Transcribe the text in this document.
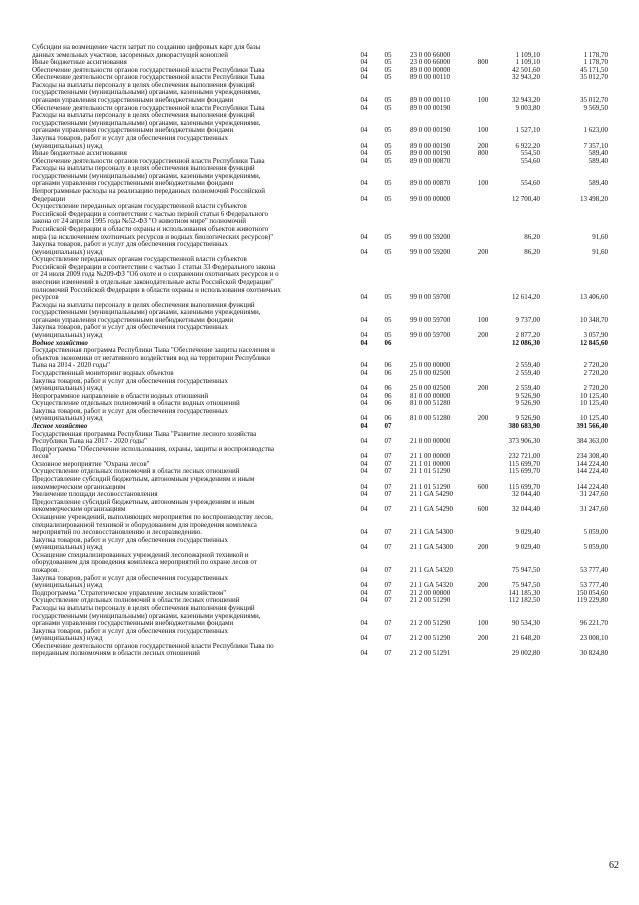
Субсидии на возмещение части затрат по созданию цифровых карт для базы
данных земельных участков, засоренных дикорастущей коноплей	04	05	23 0 00 66000	1 109,10	1 178,70
Иные бюджетные ассигнования	04	05	23 0 00 66000	800	1 109,10	1 178,70
Обеспечение деятельности органов государственной власти Республики Тыва	04	05	89 0 00 00000	42 501,60	45 171,50
Обеспечение деятельности органов государственной власти Республики Тыва	04	05	89 0 00 00110	32 943,20	35 012,70
Расходы на выплаты персоналу в целях обеспечения выполнения функций
государственными (муниципальными) органами, казенными учреждениями,
органами управления государственными внебюджетными фондами	04	05	89 0 00 00110	100	32 943,20	35 012,70
Обеспечение деятельности органов государственной власти Республики Тыва	04	05	89 0 00 00190	9 003,80	9 569,50
Расходы на выплаты персоналу в целях обеспечения выполнения функций
государственными (муниципальными) органами, казенными учреждениями,
органами управления государственными внебюджетными фондами	04	05	89 0 00 00190	100	1 527,10	1 623,00
Закупка товаров, работ и услуг для обеспечения государственных
(муниципальных) нужд	04	05	89 0 00 00190	200	6 922,20	7 357,10
Иные бюджетные ассигнования	04	05	89 0 00 00190	800	554,50	589,40
Обеспечение деятельности органов государственной власти Республики Тыва	04	05	89 0 00 00870	554,60	589,40
Расходы на выплаты персоналу в целях обеспечения выполнения функций
государственными (муниципальными) органами, казенными учреждениями,
органами управления государственными внебюджетными фондами	04	05	89 0 00 00870	100	554,60	589,40
Непрограммные расходы на реализацию переданных полномочий Российской
Федерации	04	05	99 0 00 00000	12 700,40	13 498,20
Осуществление переданных органам государственной власти субъектов
Российской Федерации в соответствии с частью первой статьи 6 Федерального
закона от 24 апреля 1995 года №52-ФЗ "О животном мире" полномочий
Российской Федерации в области охраны и использования объектов животного
мира (за исключением охотничьих ресурсов и водных биологических ресурсов)"	04	05	99 0 00 59200	86,20	91,60
Закупка товаров, работ и услуг для обеспечения государственных
(муниципальных) нужд	04	05	99 0 00 59200	200	86,20	91,60
Осуществление переданных органам государственной власти субъектов
Российской Федерации в соответствии с частью 1 статьи 33 Федерального закона
от 24 июля 2009 года №209-ФЗ "Об охоте и о сохранении охотничьих ресурсов и о
внесении изменений в отдельные законодательные акты Российской Федерации"
полномочий Российской Федерации в области охраны и использования охотничьих
ресурсов	04	05	99 0 00 59700	12 614,20	13 406,60
Расходы на выплаты персоналу в целях обеспечения выполнения функций
государственными (муниципальными) органами, казенными учреждениями,
органами управления государственными внебюджетными фондами	04	05	99 0 00 59700	100	9 737,00	10 348,70
Закупка товаров, работ и услуг для обеспечения государственных
(муниципальных) нужд	04	05	99 0 00 59700	200	2 877,20	3 057,90
Водное хозяйство	04	06	12 086,30	12 845,60
Государственная программа Республики Тыва "Обеспечение защиты населения и
объектов экономики от негативного воздействия вод на территории Республики
Тыва на 2014 - 2020 годы"	04	06	25 0 00 00000	2 559,40	2 720,20
Государственный мониторинг водных объектов	04	06	25 0 00 02500	2 559,40	2 720,20
Закупка товаров, работ и услуг для обеспечения государственных
(муниципальных) нужд	04	06	25 0 00 02500	200	2 559,40	2 720,20
Непрограммное направление в области водных отношений	04	06	81 0 00 00000	9 526,90	10 125,40
Осуществление отдельных полномочий в области водных отношений	04	06	81 0 00 51280	9 526,90	10 125,40
Закупка товаров, работ и услуг для обеспечения государственных
(муниципальных) нужд	04	06	81 0 00 51280	200	9 526,90	10 125,40
Лесное хозяйство	04	07	380 683,90	391 566,40
Государственная программа Республики Тыва "Развитие лесного хозяйства
Республики Тыва на 2017 - 2020 годы"	04	07	21 0 00 00000	373 906,30	384 363,00
Подпрограмма "Обеспечение использования, охраны, защиты и воспроизводства
лесов"	04	07	21 1 00 00000	232 721,00	234 308,40
Основное мероприятие "Охрана лесов"	04	07	21 1 01 00000	115 699,70	144 224,40
Осуществление отдельных полномочий в области лесных отношений	04	07	21 1 01 51290	115 699,70	144 224,40
Предоставление субсидий бюджетным, автономным учреждениям и иным
некоммерческим организациям	04	07	21 1 01 51290	600	115 699,70	144 224,40
Увеличение площади лесовосстановления	04	07	21 1 GA 54290	32 044,40	31 247,60
Предоставление субсидий бюджетным, автономным учреждениям и иным
некоммерческим организациям	04	07	21 1 GA 54290	600	32 044,40	31 247,60
Оснащение учреждений, выполняющих мероприятия по воспроизводству лесов,
специализированной техникой и оборудованием для проведения комплекса
мероприятий по лесовосстановлению и лесоразведению.	04	07	21 1 GA 54300	9 029,40	5 059,00
Закупка товаров, работ и услуг для обеспечения государственных
(муниципальных) нужд	04	07	21 1 GA 54300	200	9 029,40	5 059,00
Оснащение специализированных учреждений лесопожарной техникой и
оборудованием для проведения комплекса мероприятий по охране лесов от
пожаров.	04	07	21 1 GA 54320	75 947,50	53 777,40
Закупка товаров, работ и услуг для обеспечения государственных
(муниципальных) нужд	04	07	21 1 GA 54320	200	75 947,50	53 777,40
Подпрограмма "Стратегическое управление лесным хозяйством"	04	07	21 2 00 00000	141 185,30	150 054,60
Осуществление отдельных полномочий в области лесных отношений	04	07	21 2 00 51290	112 182,50	119 229,80
Расходы на выплаты персоналу в целях обеспечения выполнения функций
государственными (муниципальными) органами, казенными учреждениями,
органами управления государственными внебюджетными фондами	04	07	21 2 00 51290	100	90 534,30	96 221,70
Закупка товаров, работ и услуг для обеспечения государственных
(муниципальных) нужд	04	07	21 2 00 51290	200	21 648,20	23 008,10
Обеспечение деятельности органов государственной власти Республики Тыва по
переданным полномочиям в области лесных отношений	04	07	21 2 00 51291	29 002,80	30 824,80
62
